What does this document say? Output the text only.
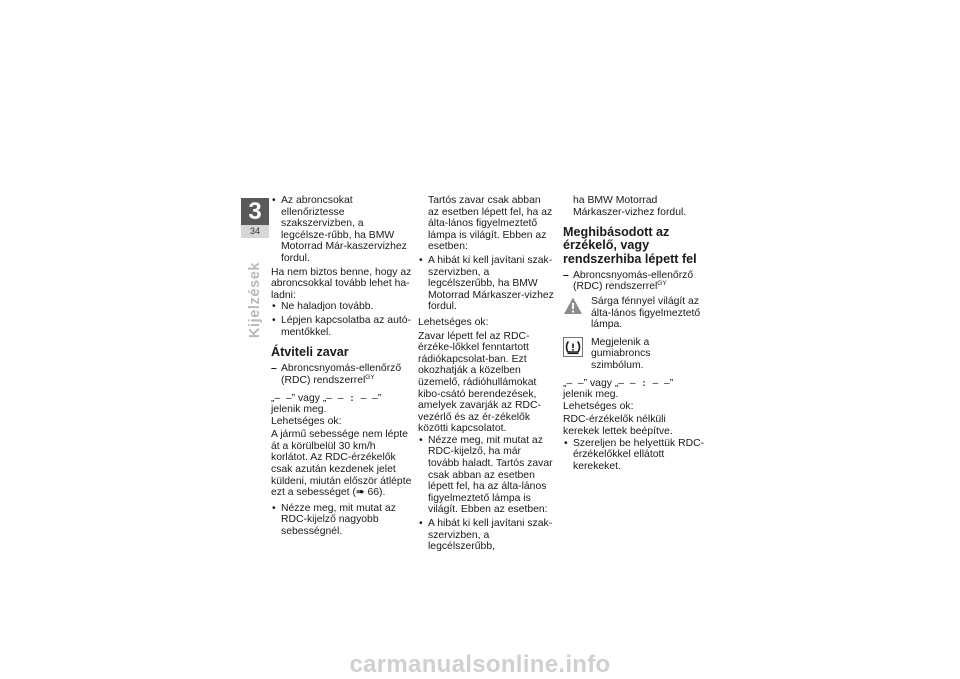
3
34
Kijelzések
• Az abroncsokat ellenőriztesse szakszervizben, a legcélsze-rűbb, ha BMW Motorrad Már-kaszervizhez fordul.
Ha nem biztos benne, hogy az abroncsokkal tovább lehet ha-ladni:
• Ne haladjon tovább.
• Lépjen kapcsolatba az autó-mentőkkel.
Átviteli zavar
– Abroncsnyomás-ellenőrző (RDC) rendszerrel$^{GY}$
„– –” vagy „– – : – –” jelenik meg.
Lehetséges ok:
A jármű sebessége nem lépte át a körülbelül 30 km/h korlátot. Az RDC-érzékelők csak azután kezdenek jelet küldeni, miután először átlépte ezt a sebességet (➠ 66).
• Nézze meg, mit mutat az RDC-kijelző nagyobb sebességnél.
Tartós zavar csak abban az esetben lépett fel, ha az álta-lános figyelmeztető lámpa is világít. Ebben az esetben:
• A hibát ki kell javítani szak-szervizben, a legcélszerűbb, ha BMW Motorrad Márkaszer-vizhez fordul.
Lehetséges ok:
Zavar lépett fel az RDC-érzéke-lőkkel fenntartott rádiókapcsolat-ban. Ezt okozhatják a közelben üzemelő, rádióhullámokat kibo-csátó berendezések, amelyek zavarják az RDC-vezérlő és az ér-zékelők közötti kapcsolatot.
• Nézze meg, mit mutat az RDC-kijelző, ha már tovább haladt. Tartós zavar csak abban az esetben lépett fel, ha az álta-lános figyelmeztető lámpa is világít. Ebben az esetben:
• A hibát ki kell javítani szak-szervizben, a legcélszerűbb,
ha BMW Motorrad Márkaszer-vizhez fordul.
Meghibásodott az érzékelő, vagy rendszerhiba lépett fel
– Abroncsnyomás-ellenőrző (RDC) rendszerrel$^{GY}$
Sárga fénnyel világít az álta-lános figyelmeztető lámpa.
Megjelenik a gumiabroncs szimbólum.
„– –” vagy „– – : – –” jelenik meg.
Lehetséges ok:
RDC-érzékelők nélküli kerekek lettek beépítve.
• Szereljen be helyettük RDC-érzékelőkkel ellátott kerekeket.
carmanualsonline.info
